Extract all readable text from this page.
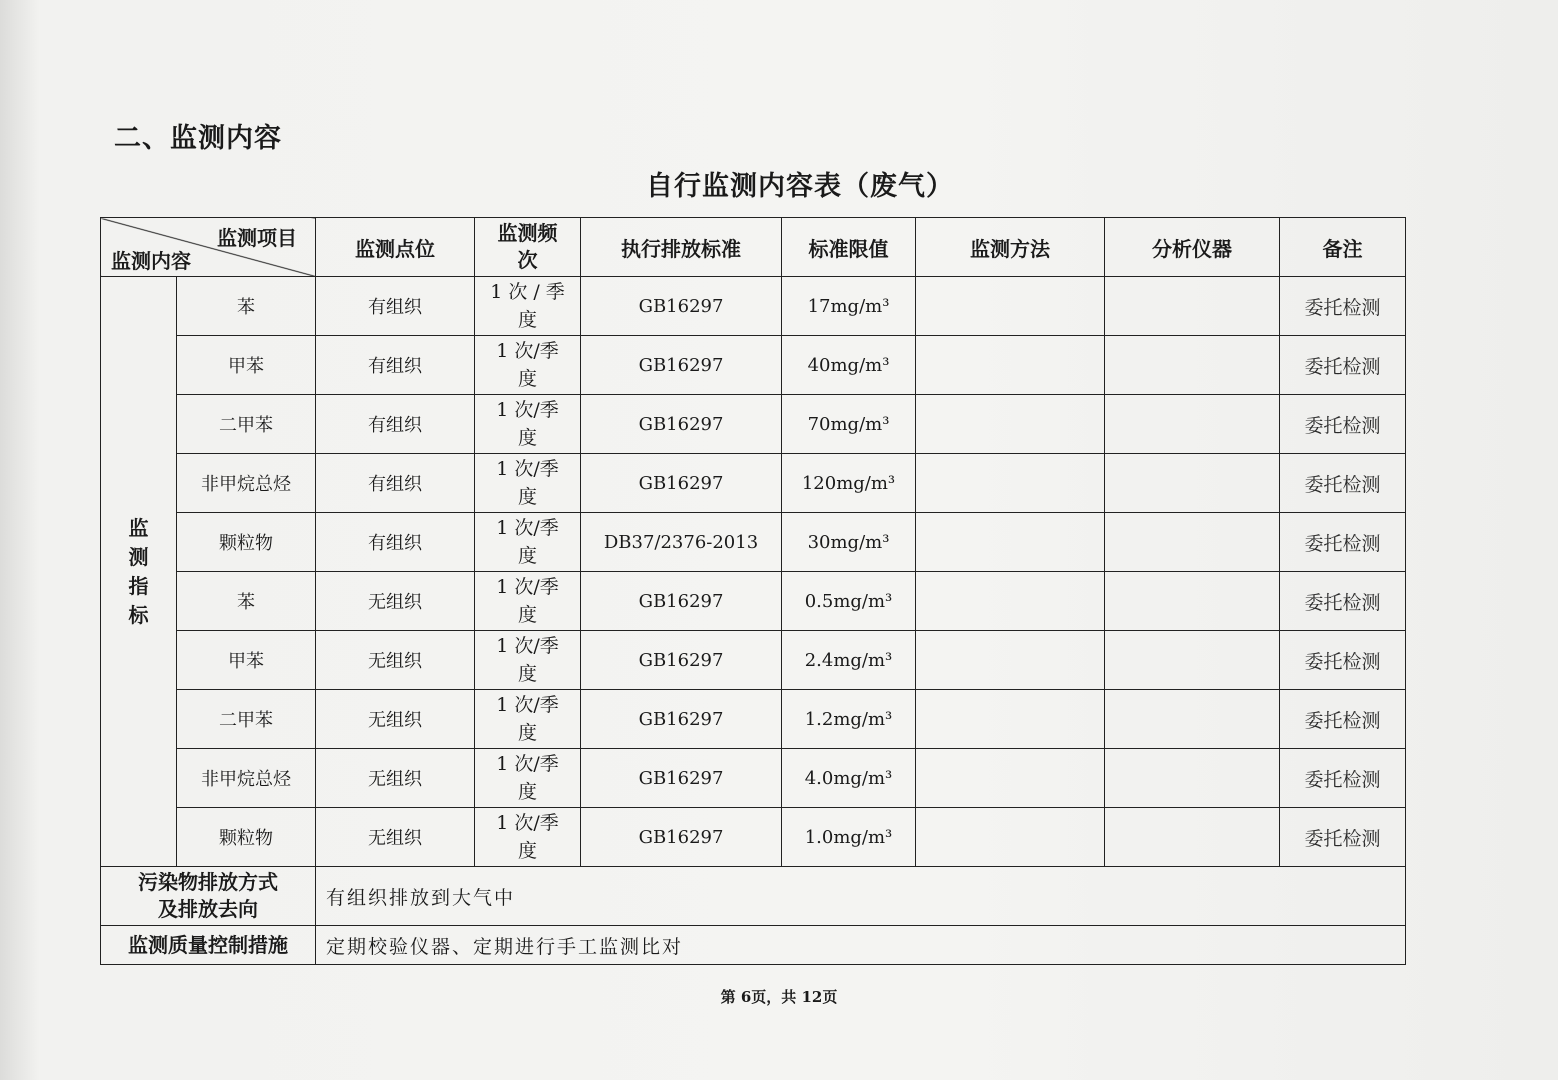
二、监测内容
自行监测内容表（废气）
监测项目
监测内容		监测点位	监测频
次	执行排放标准	标准限值	监测方法	分析仪器	备注

监
测
指
标	苯	有组织	1 次 / 季
度	GB16297	17mg/m³			委托检测
	甲苯	有组织	1 次/季
度	GB16297	40mg/m³			委托检测
	二甲苯	有组织	1 次/季
度	GB16297	70mg/m³			委托检测
	非甲烷总烃	有组织	1 次/季
度	GB16297	120mg/m³			委托检测
	颗粒物	有组织	1 次/季
度	DB37/2376-2013	30mg/m³			委托检测
	苯	无组织	1 次/季
度	GB16297	0.5mg/m³			委托检测
	甲苯	无组织	1 次/季
度	GB16297	2.4mg/m³			委托检测
	二甲苯	无组织	1 次/季
度	GB16297	1.2mg/m³			委托检测
	非甲烷总烃	无组织	1 次/季
度	GB16297	4.0mg/m³			委托检测
	颗粒物	无组织	1 次/季
度	GB16297	1.0mg/m³			委托检测
污染物排放方式
及排放去向		有组织排放到大气中						
监测质量控制措施		定期校验仪器、定期进行手工监测比对						
第 6页，共 12页
